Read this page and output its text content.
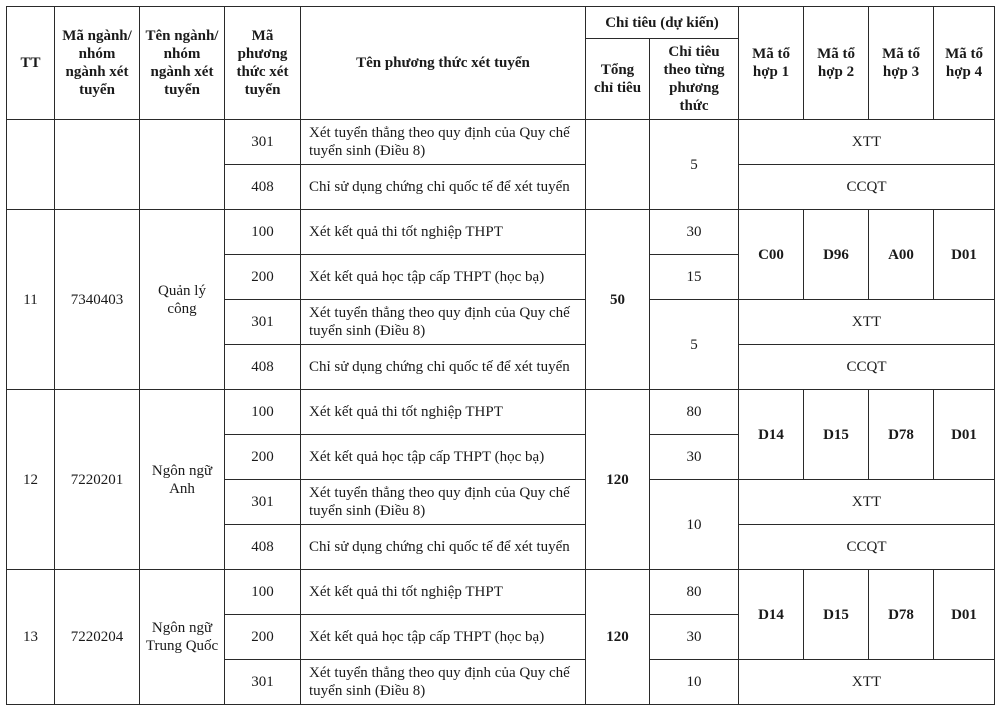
TT	Mã ngành/ nhóm ngành xét tuyển	Tên ngành/ nhóm ngành xét tuyển	Mã phương thức xét tuyển	Tên phương thức xét tuyển	Chỉ tiêu (dự kiến)		Mã tổ hợp 1	Mã tổ hợp 2	Mã tổ hợp 3	Mã tổ hợp 4
					Tổng chỉ tiêu	Chỉ tiêu theo từng phương thức				
			301	Xét tuyển thẳng theo quy định của Quy chế tuyển sinh (Điều 8)		5	XTT			
			408	Chỉ sử dụng chứng chỉ quốc tế để xét tuyển			CCQT			
11	7340403	Quản lý công	100	Xét kết quả thi tốt nghiệp THPT	50	30	C00	D96	A00	D01
			200	Xét kết quả học tập cấp THPT (học bạ)		15				
			301	Xét tuyển thẳng theo quy định của Quy chế tuyển sinh (Điều 8)		5	XTT			
			408	Chỉ sử dụng chứng chỉ quốc tế để xét tuyển			CCQT			
12	7220201	Ngôn ngữ Anh	100	Xét kết quả thi tốt nghiệp THPT	120	80	D14	D15	D78	D01
			200	Xét kết quả học tập cấp THPT (học bạ)		30				
			301	Xét tuyển thẳng theo quy định của Quy chế tuyển sinh (Điều 8)		10	XTT			
			408	Chỉ sử dụng chứng chỉ quốc tế để xét tuyển			CCQT			
13	7220204	Ngôn ngữ Trung Quốc	100	Xét kết quả thi tốt nghiệp THPT	120	80	D14	D15	D78	D01
			200	Xét kết quả học tập cấp THPT (học bạ)		30				
			301	Xét tuyển thẳng theo quy định của Quy chế tuyển sinh (Điều 8)		10	XTT			
